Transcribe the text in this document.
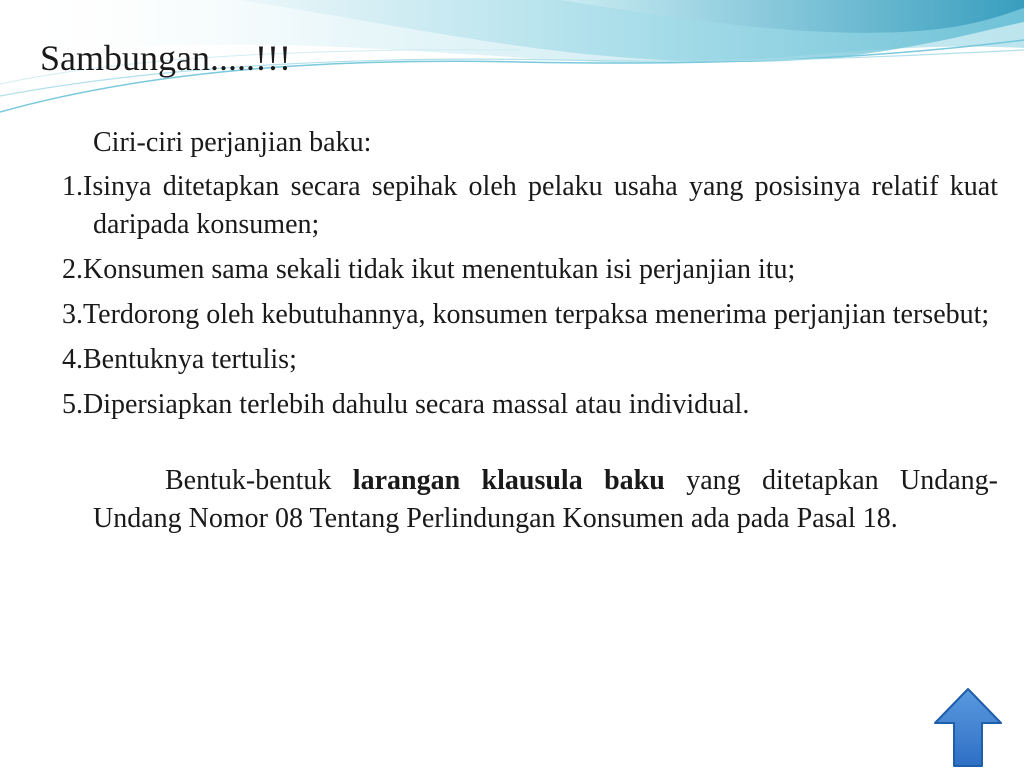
Sambungan.....!!!

Ciri-ciri perjanjian baku:

1.Isinya ditetapkan secara sepihak oleh pelaku usaha yang posisinya relatif kuat daripada konsumen;
2.Konsumen sama sekali tidak ikut menentukan isi perjanjian itu;
3.Terdorong oleh kebutuhannya, konsumen terpaksa menerima perjanjian tersebut;
4.Bentuknya tertulis;
5.Dipersiapkan terlebih dahulu secara massal atau individual.

Bentuk-bentuk larangan klausula baku yang ditetapkan Undang-Undang Nomor 08 Tentang Perlindungan Konsumen ada pada Pasal 18.
